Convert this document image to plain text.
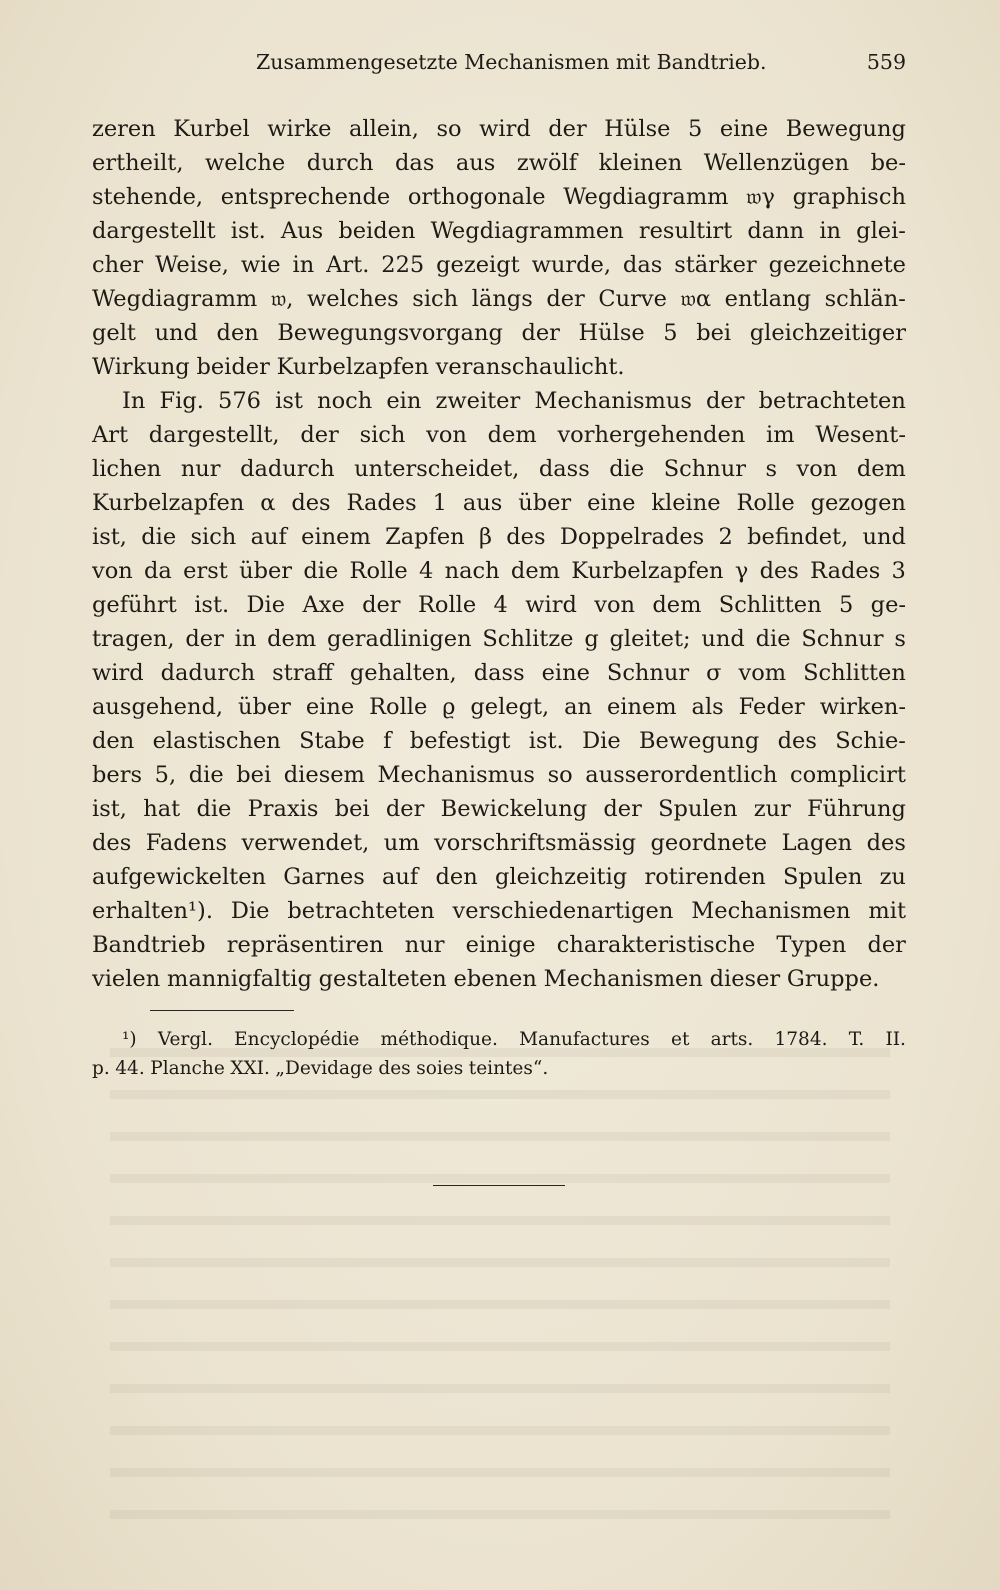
Zusammengesetzte Mechanismen mit Bandtrieb.	559
zeren Kurbel wirke allein, so wird der Hülse 5 eine Bewegung
ertheilt, welche durch das aus zwölf kleinen Wellenzügen be-
stehende, entsprechende orthogonale Wegdiagramm 𝔴γ graphisch
dargestellt ist. Aus beiden Wegdiagrammen resultirt dann in glei-
cher Weise, wie in Art. 225 gezeigt wurde, das stärker gezeichnete
Wegdiagramm 𝔴, welches sich längs der Curve 𝔴α entlang schlän-
gelt und den Bewegungsvorgang der Hülse 5 bei gleichzeitiger
Wirkung beider Kurbelzapfen veranschaulicht.
In Fig. 576 ist noch ein zweiter Mechanismus der betrachteten
Art dargestellt, der sich von dem vorhergehenden im Wesent-
lichen nur dadurch unterscheidet, dass die Schnur s von dem
Kurbelzapfen α des Rades 1 aus über eine kleine Rolle gezogen
ist, die sich auf einem Zapfen β des Doppelrades 2 befindet, und
von da erst über die Rolle 4 nach dem Kurbelzapfen γ des Rades 3
geführt ist. Die Axe der Rolle 4 wird von dem Schlitten 5 ge-
tragen, der in dem geradlinigen Schlitze g gleitet; und die Schnur s
wird dadurch straff gehalten, dass eine Schnur σ vom Schlitten
ausgehend, über eine Rolle ϱ gelegt, an einem als Feder wirken-
den elastischen Stabe f befestigt ist. Die Bewegung des Schie-
bers 5, die bei diesem Mechanismus so ausserordentlich complicirt
ist, hat die Praxis bei der Bewickelung der Spulen zur Führung
des Fadens verwendet, um vorschriftsmässig geordnete Lagen des
aufgewickelten Garnes auf den gleichzeitig rotirenden Spulen zu
erhalten¹). Die betrachteten verschiedenartigen Mechanismen mit
Bandtrieb repräsentiren nur einige charakteristische Typen der
vielen mannigfaltig gestalteten ebenen Mechanismen dieser Gruppe.
¹) Vergl. Encyclopédie méthodique. Manufactures et arts. 1784. T. II.
p. 44. Planche XXI. „Devidage des soies teintes“.
